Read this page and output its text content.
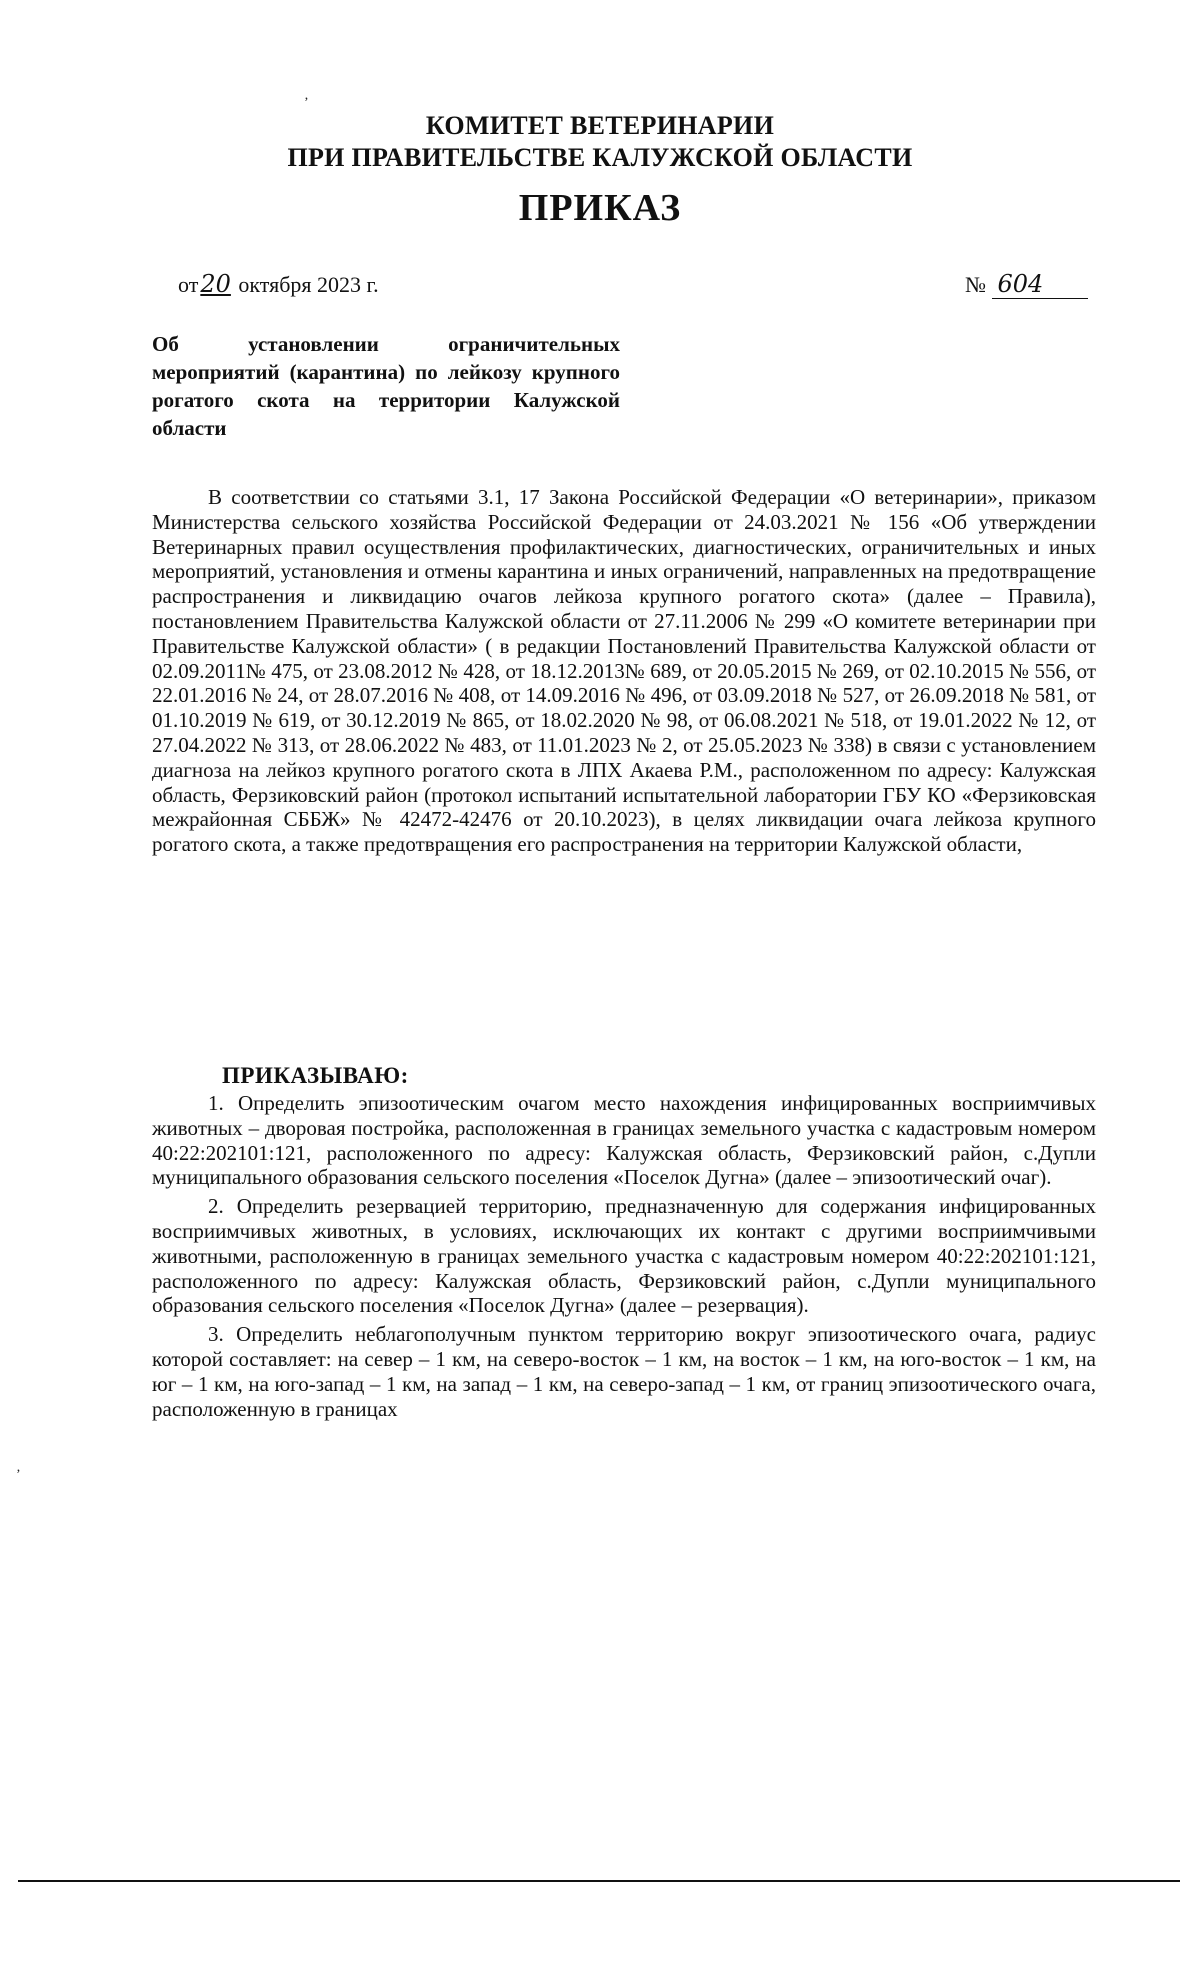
‚
‚
КОМИТЕТ ВЕТЕРИНАРИИ
ПРИ ПРАВИТЕЛЬСТВЕ КАЛУЖСКОЙ ОБЛАСТИ
ПРИКАЗ
от20 октября 2023 г.	№ 604
Об установлении ограничительных мероприятий (карантина) по лейкозу крупного рогатого скота на территории Калужской области

В соответствии со статьями 3.1, 17 Закона Российской Федерации «О ветеринарии», приказом Министерства сельского хозяйства Российской Федерации от 24.03.2021 № 156 «Об утверждении Ветеринарных правил осуществления профилактических, диагностических, ограничительных и иных мероприятий, установления и отмены карантина и иных ограничений, направленных на предотвращение распространения и ликвидацию очагов лейкоза крупного рогатого скота» (далее – Правила), постановлением Правительства Калужской области от 27.11.2006 № 299 «О комитете ветеринарии при Правительстве Калужской области» ( в редакции Постановлений Правительства Калужской области от 02.09.2011№ 475, от 23.08.2012 № 428, от 18.12.2013№ 689, от 20.05.2015 № 269, от 02.10.2015 № 556, от 22.01.2016 № 24, от 28.07.2016 № 408, от 14.09.2016 № 496, от 03.09.2018 № 527, от 26.09.2018 № 581, от 01.10.2019 № 619, от 30.12.2019 № 865, от 18.02.2020 № 98, от 06.08.2021 № 518, от 19.01.2022 № 12, от 27.04.2022 № 313, от 28.06.2022 № 483, от 11.01.2023 № 2, от 25.05.2023 № 338) в связи с установлением диагноза на лейкоз крупного рогатого скота в ЛПХ Акаева Р.М., расположенном по адресу: Калужская область, Ферзиковский район (протокол испытаний испытательной лаборатории ГБУ КО «Ферзиковская межрайонная СББЖ» № 42472-42476 от 20.10.2023), в целях ликвидации очага лейкоза крупного рогатого скота, а также предотвращения его распространения на территории Калужской области,

ПРИКАЗЫВАЮ:

1. Определить эпизоотическим очагом место нахождения инфицированных восприимчивых животных – дворовая постройка, расположенная в границах земельного участка с кадастровым номером 40:22:202101:121, расположенного по адресу: Калужская область, Ферзиковский район, с.Дупли муниципального образования сельского поселения «Поселок Дугна» (далее – эпизоотический очаг).

2. Определить резервацией территорию, предназначенную для содержания инфицированных восприимчивых животных, в условиях, исключающих их контакт с другими восприимчивыми животными, расположенную в границах земельного участка с кадастровым номером 40:22:202101:121, расположенного по адресу: Калужская область, Ферзиковский район, с.Дупли муниципального образования сельского поселения «Поселок Дугна» (далее – резервация).

3. Определить неблагополучным пунктом территорию вокруг эпизоотического очага, радиус которой составляет: на север – 1 км, на северо-восток – 1 км, на восток – 1 км, на юго-восток – 1 км, на юг – 1 км, на юго-запад – 1 км, на запад – 1 км, на северо-запад – 1 км, от границ эпизоотического очага, расположенную в границах
